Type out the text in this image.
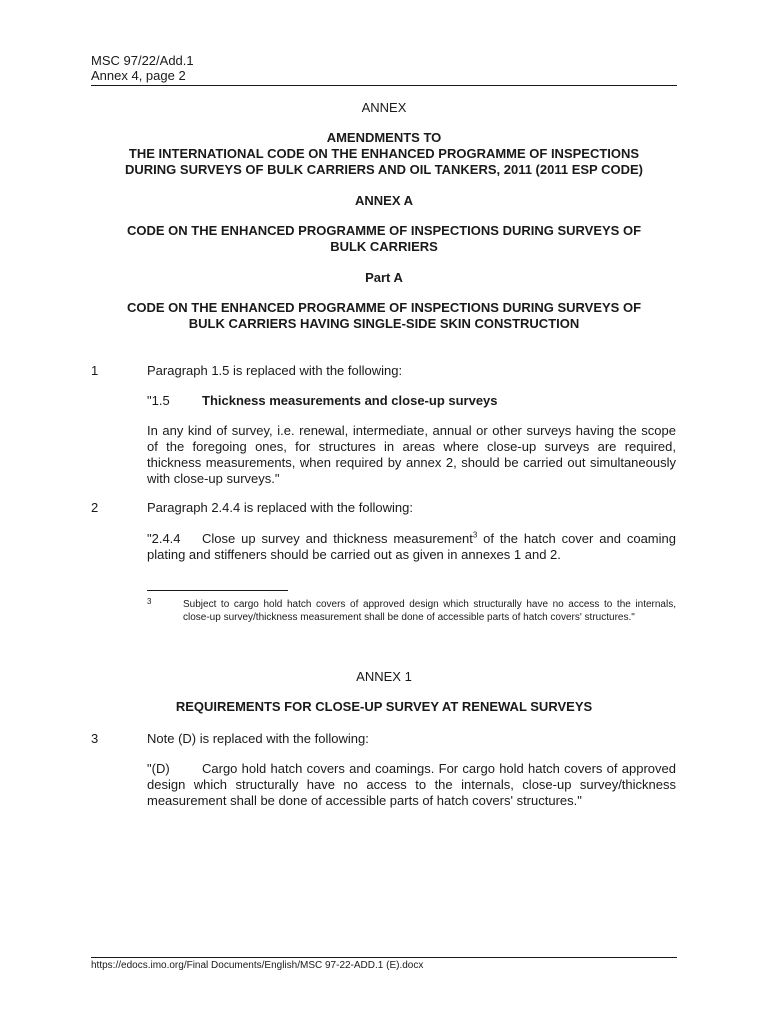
MSC 97/22/Add.1
Annex 4, page 2
ANNEX
AMENDMENTS TO
THE INTERNATIONAL CODE ON THE ENHANCED PROGRAMME OF INSPECTIONS
DURING SURVEYS OF BULK CARRIERS AND OIL TANKERS, 2011 (2011 ESP CODE)
ANNEX A
CODE ON THE ENHANCED PROGRAMME OF INSPECTIONS DURING SURVEYS OF
BULK CARRIERS
Part A
CODE ON THE ENHANCED PROGRAMME OF INSPECTIONS DURING SURVEYS OF
BULK CARRIERS HAVING SINGLE-SIDE SKIN CONSTRUCTION
1	Paragraph 1.5 is replaced with the following:
"1.5 Thickness measurements and close-up surveys
In any kind of survey, i.e. renewal, intermediate, annual or other surveys having the scope of the foregoing ones, for structures in areas where close-up surveys are required, thickness measurements, when required by annex 2, should be carried out simultaneously with close-up surveys."
2	Paragraph 2.4.4 is replaced with the following:
"2.4.4 Close up survey and thickness measurement$^3$ of the hatch cover and coaming plating and stiffeners should be carried out as given in annexes 1 and 2.
3	Subject to cargo hold hatch covers of approved design which structurally have no access to the internals, close-up survey/thickness measurement shall be done of accessible parts of hatch covers' structures."
ANNEX 1
REQUIREMENTS FOR CLOSE-UP SURVEY AT RENEWAL SURVEYS
3	Note (D) is replaced with the following:
"(D) Cargo hold hatch covers and coamings. For cargo hold hatch covers of approved design which structurally have no access to the internals, close-up survey/thickness measurement shall be done of accessible parts of hatch covers' structures."
https://edocs.imo.org/Final Documents/English/MSC 97-22-ADD.1 (E).docx
